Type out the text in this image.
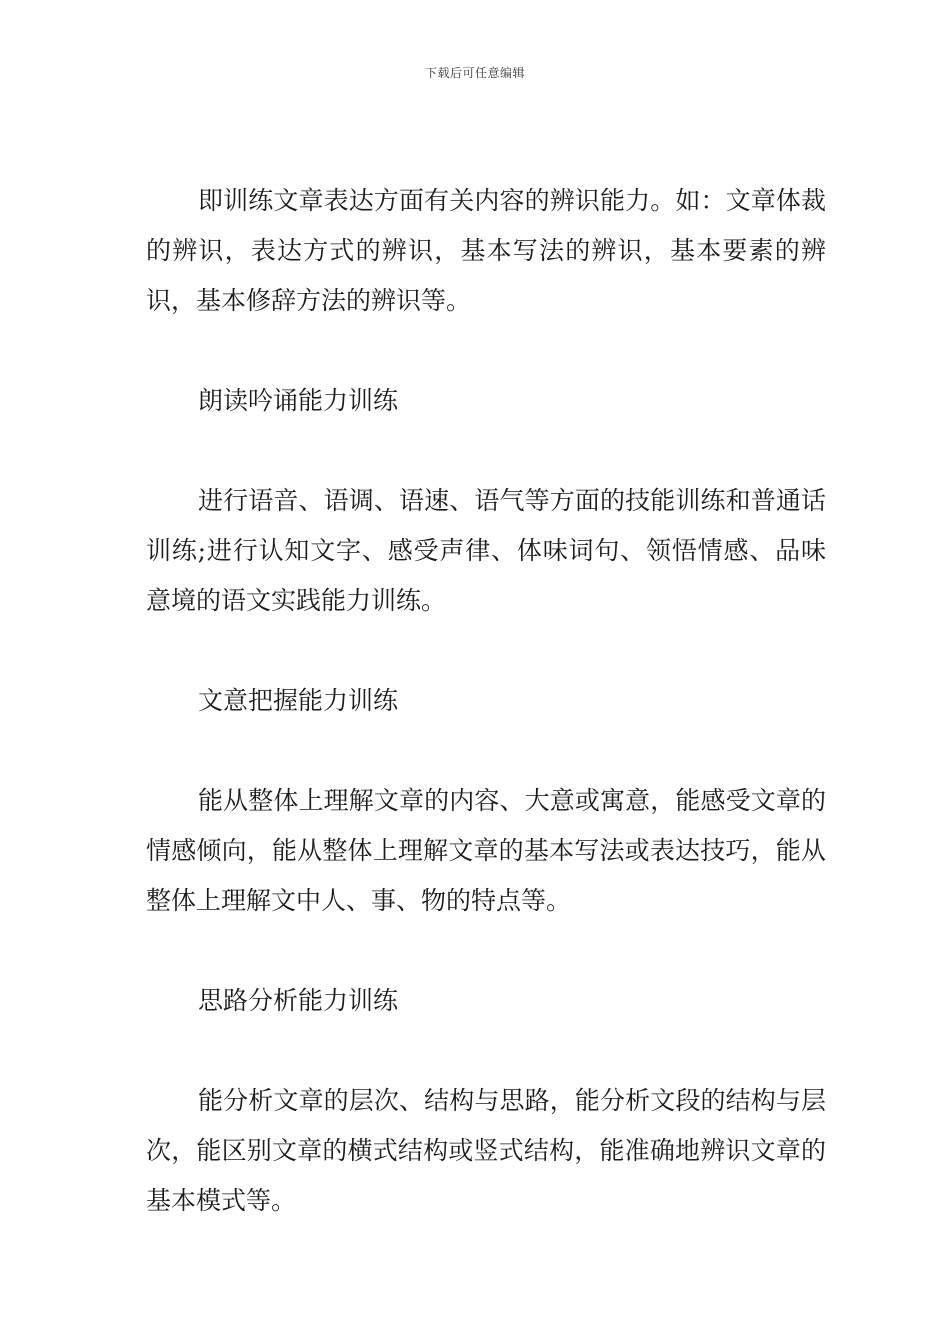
下载后可任意编辑

即训练文章表达方面有关内容的辨识能力。如：文章体裁的辨识，表达方式的辨识，基本写法的辨识，基本要素的辨识，基本修辞方法的辨识等。

朗读吟诵能力训练

进行语音、语调、语速、语气等方面的技能训练和普通话训练;进行认知文字、感受声律、体味词句、领悟情感、品味意境的语文实践能力训练。

文意把握能力训练

能从整体上理解文章的内容、大意或寓意，能感受文章的情感倾向，能从整体上理解文章的基本写法或表达技巧，能从整体上理解文中人、事、物的特点等。

思路分析能力训练

能分析文章的层次、结构与思路，能分析文段的结构与层次，能区别文章的横式结构或竖式结构，能准确地辨识文章的基本模式等。
